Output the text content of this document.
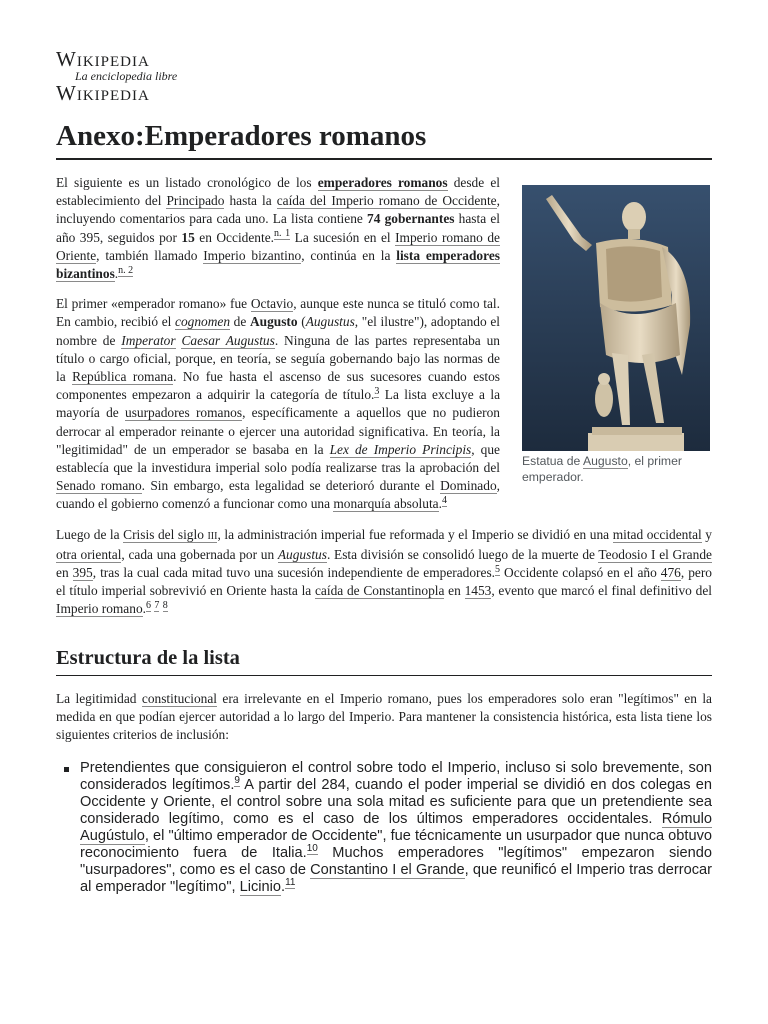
Wikipedia
La enciclopedia libre
Wikipedia
Anexo:Emperadores romanos
Estatua de Augusto, el primer emperador.

El siguiente es un listado cronológico de los emperadores romanos desde el establecimiento del Principado hasta la caída del Imperio romano de Occidente, incluyendo comentarios para cada uno. La lista contiene 74 gobernantes hasta el año 395, seguidos por 15 en Occidente.$^{n. 1}$ La sucesión en el Imperio romano de Oriente, también llamado Imperio bizantino, continúa en la lista emperadores bizantinos.$^{n. 2}$

El primer «emperador romano» fue Octavio, aunque este nunca se tituló como tal. En cambio, recibió el cognomen de Augusto (Augustus, "el ilustre"), adoptando el nombre de Imperator Caesar Augustus. Ninguna de las partes representaba un título o cargo oficial, porque, en teoría, se seguía gobernando bajo las normas de la República romana. No fue hasta el ascenso de sus sucesores cuando estos componentes empezaron a adquirir la categoría de título.$^3$ La lista excluye a la mayoría de usurpadores romanos, específicamente a aquellos que no pudieron derrocar al emperador reinante o ejercer una autoridad significativa. En teoría, la "legitimidad" de un emperador se basaba en la Lex de Imperio Principis, que establecía que la investidura imperial solo podía realizarse tras la aprobación del Senado romano. Sin embargo, esta legalidad se deterioró durante el Dominado, cuando el gobierno comenzó a funcionar como una monarquía absoluta.$^4$

Luego de la Crisis del siglo III, la administración imperial fue reformada y el Imperio se dividió en una mitad occidental y otra oriental, cada una gobernada por un Augustus. Esta división se consolidó luego de la muerte de Teodosio I el Grande en 395, tras la cual cada mitad tuvo una sucesión independiente de emperadores.$^5$ Occidente colapsó en el año 476, pero el título imperial sobrevivió en Oriente hasta la caída de Constantinopla en 1453, evento que marcó el final definitivo del Imperio romano.$^6$ $^7$ $^8$

Estructura de la lista

La legitimidad constitucional era irrelevante en el Imperio romano, pues los emperadores solo eran "legítimos" en la medida en que podían ejercer autoridad a lo largo del Imperio. Para mantener la consistencia histórica, esta lista tiene los siguientes criterios de inclusión:

Pretendientes que consiguieron el control sobre todo el Imperio, incluso si solo brevemente, son considerados legítimos.$^9$ A partir del 284, cuando el poder imperial se dividió en dos colegas en Occidente y Oriente, el control sobre una sola mitad es suficiente para que un pretendiente sea considerado legítimo, como es el caso de los últimos emperadores occidentales. Rómulo Augústulo, el "último emperador de Occidente", fue técnicamente un usurpador que nunca obtuvo reconocimiento fuera de Italia.$^{10}$ Muchos emperadores "legítimos" empezaron siendo "usurpadores", como es el caso de Constantino I el Grande, que reunificó el Imperio tras derrocar al emperador "legítimo", Licinio.$^{11}$
